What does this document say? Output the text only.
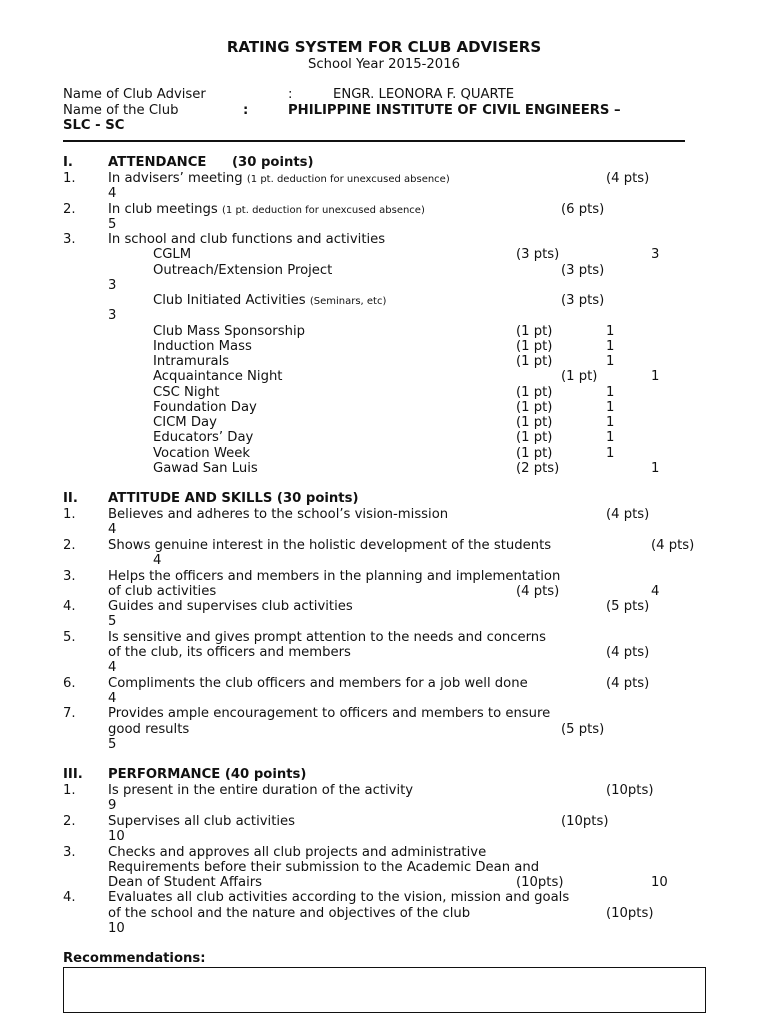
RATING SYSTEM FOR CLUB ADVISERS
School Year 2015-2016
Name of Club Adviser	:	ENGR. LEONORA F. QUARTE
Name of the Club	:	PHILIPPINE INSTITUTE OF CIVIL ENGINEERS –
SLC - SC
I.	ATTENDANCE (30 points)
1. In advisers’ meeting (1 pt. deduction for unexcused absence)	(4 pts)
4
2. In club meetings (1 pt. deduction for unexcused absence)	(6 pts)
5
3. In school and club functions and activities
CGLM	(3 pts)	3
Outreach/Extension Project	(3 pts)
3
Club Initiated Activities (Seminars, etc)	(3 pts)
3
Club Mass Sponsorship	(1 pt)	1
Induction Mass	(1 pt)	1
Intramurals	(1 pt)	1
Acquaintance Night	(1 pt)	1
CSC Night	(1 pt)	1
Foundation Day	(1 pt)	1
CICM Day	(1 pt)	1
Educators’ Day	(1 pt)	1
Vocation Week	(1 pt)	1
Gawad San Luis	(2 pts)	1
II. ATTITUDE AND SKILLS (30 points)
1. Believes and adheres to the school’s vision-mission	(4 pts)
4
2. Shows genuine interest in the holistic development of the students	(4 pts)
4
3. Helps the officers and members in the planning and implementation
of club activities	(4 pts)	4
4. Guides and supervises club activities	(5 pts)
5
5. Is sensitive and gives prompt attention to the needs and concerns
of the club, its officers and members	(4 pts)
4
6. Compliments the club officers and members for a job well done	(4 pts)
4
7. Provides ample encouragement to officers and members to ensure
good results	(5 pts)
5
III. PERFORMANCE (40 points)
1. Is present in the entire duration of the activity	(10pts)
9
2. Supervises all club activities	(10pts)
10
3. Checks and approves all club projects and administrative
Requirements before their submission to the Academic Dean and
Dean of Student Affairs	(10pts)	10
4. Evaluates all club activities according to the vision, mission and goals
of the school and the nature and objectives of the club	(10pts)
10
Recommendations:
